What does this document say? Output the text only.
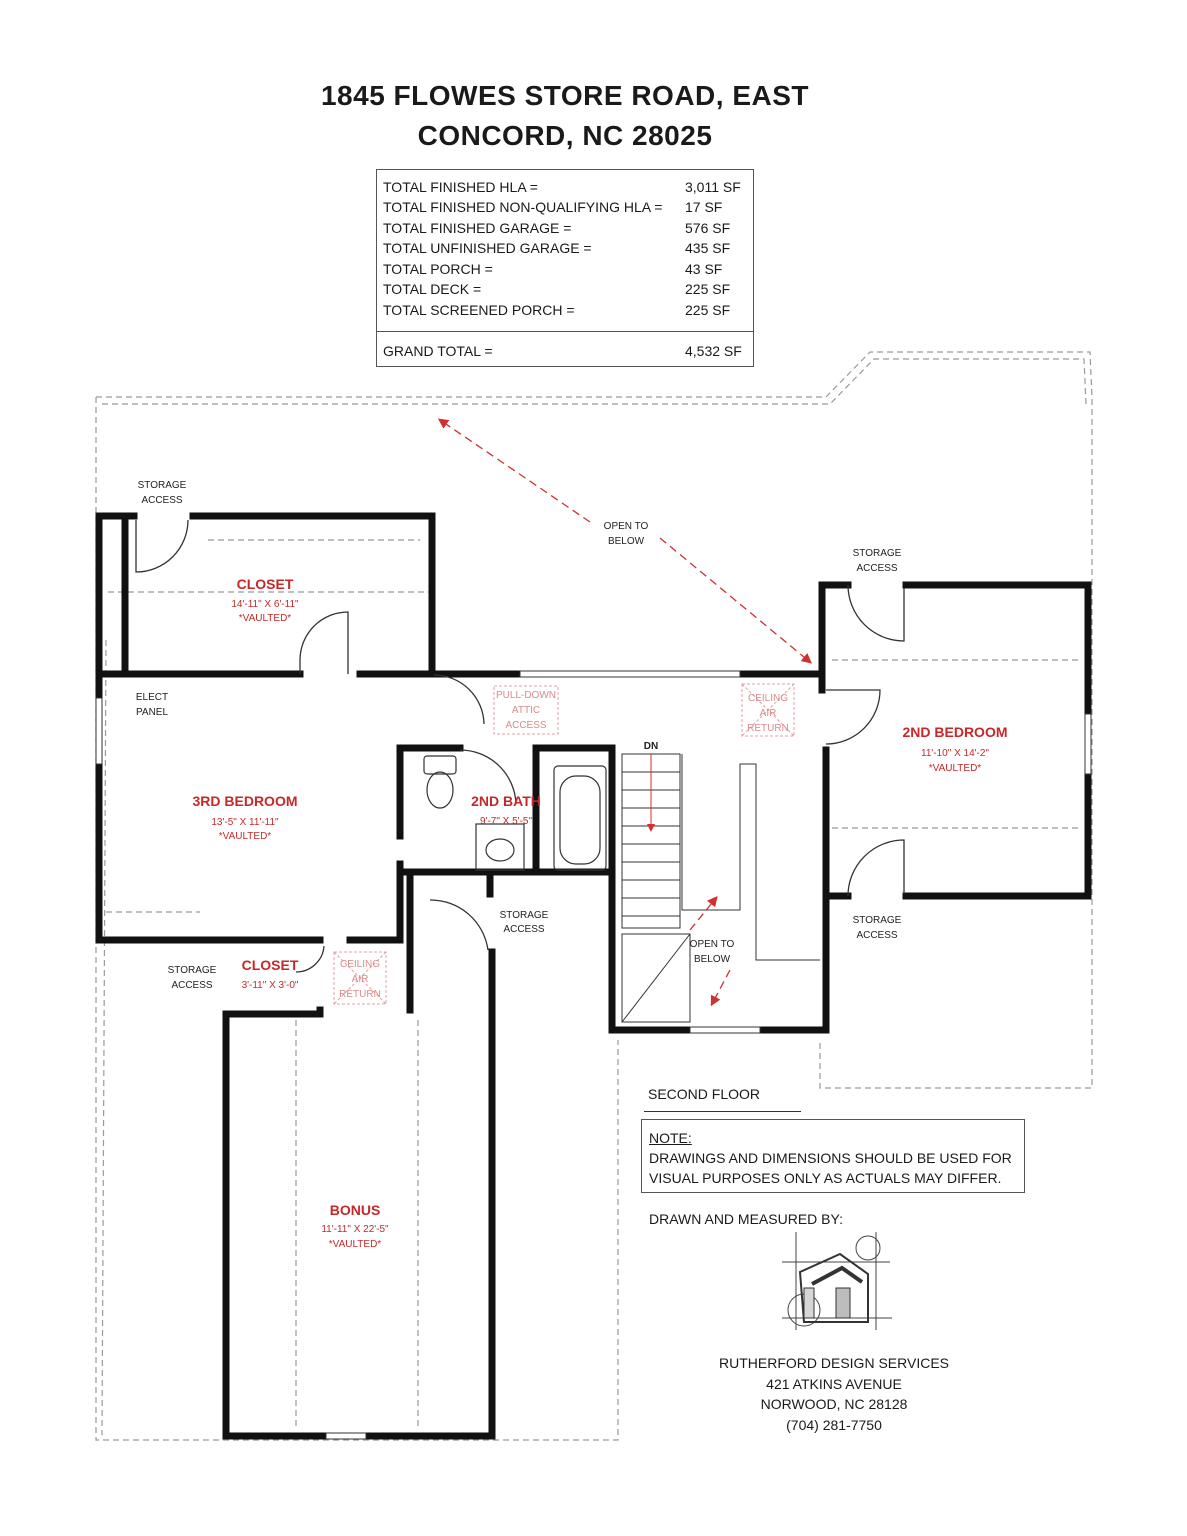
1845 FLOWES STORE ROAD, EAST
CONCORD, NC 28025
TOTAL FINISHED HLA =	3,011 SF
TOTAL FINISHED NON-QUALIFYING HLA = 17 SF
TOTAL FINISHED GARAGE =	576 SF
TOTAL UNFINISHED GARAGE =	435 SF
TOTAL PORCH =	43 SF
TOTAL DECK =	225 SF
TOTAL SCREENED PORCH =	225 SF
GRAND TOTAL =	4,532 SF
CLOSET
14'-11" X 6'-11"
*VAULTED*
3RD BEDROOM
13'-5" X 11'-11"
*VAULTED*
2ND BATH
9'-7" X 5'-5"
2ND BEDROOM
11'-10" X 14'-2"
*VAULTED*
CLOSET
3'-11" X 3'-0"
BONUS
11'-11" X 22'-5"
*VAULTED*
STORAGE
ACCESS
STORAGE
ACCESS
STORAGE
ACCESS
STORAGE
ACCESS
STORAGE
ACCESS
OPEN TO
BELOW
OPEN TO
BELOW
ELECT
PANEL
PULL-DOWN
ATTIC
ACCESS
CEILING
AIR
RETURN
CEILING
AIR
RETURN
DN
SECOND FLOOR
NOTE:
DRAWINGS AND DIMENSIONS SHOULD BE USED FOR
VISUAL PURPOSES ONLY AS ACTUALS MAY DIFFER.
DRAWN AND MEASURED BY:
RUTHERFORD DESIGN SERVICES
421 ATKINS AVENUE
NORWOOD, NC 28128
(704) 281-7750
